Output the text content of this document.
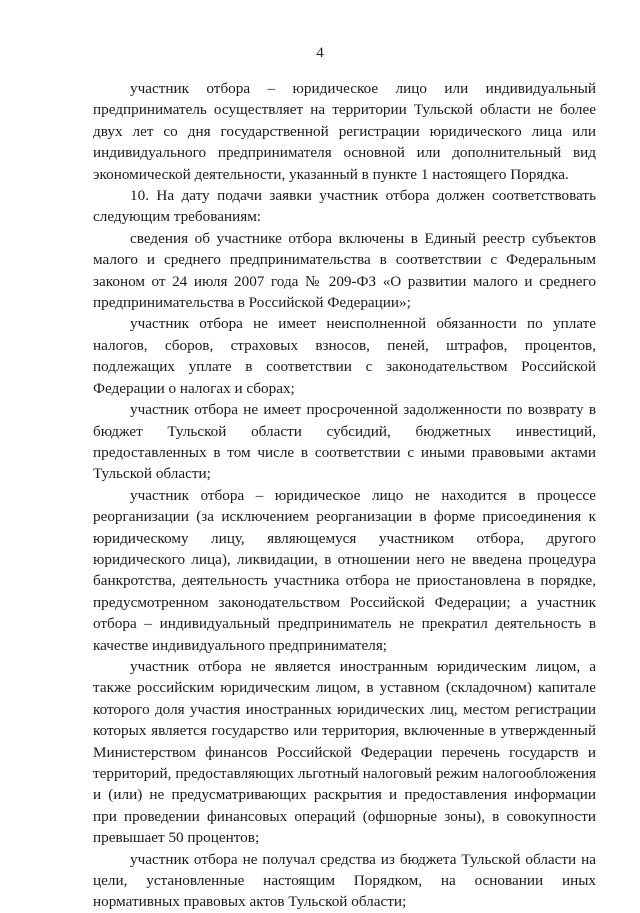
4

участник отбора – юридическое лицо или индивидуальный предприниматель осуществляет на территории Тульской области не более двух лет со дня государственной регистрации юридического лица или индивидуального предпринимателя основной или дополнительный вид экономической деятельности, указанный в пункте 1 настоящего Порядка.

10. На дату подачи заявки участник отбора должен соответствовать следующим требованиям:

сведения об участнике отбора включены в Единый реестр субъектов малого и среднего предпринимательства в соответствии с Федеральным законом от 24 июля 2007 года № 209-ФЗ «О развитии малого и среднего предпринимательства в Российской Федерации»;

участник отбора не имеет неисполненной обязанности по уплате налогов, сборов, страховых взносов, пеней, штрафов, процентов, подлежащих уплате в соответствии с законодательством Российской Федерации о налогах и сборах;

участник отбора не имеет просроченной задолженности по возврату в бюджет Тульской области субсидий, бюджетных инвестиций, предоставленных в том числе в соответствии с иными правовыми актами Тульской области;

участник отбора – юридическое лицо не находится в процессе реорганизации (за исключением реорганизации в форме присоединения к юридическому лицу, являющемуся участником отбора, другого юридического лица), ликвидации, в отношении него не введена процедура банкротства, деятельность участника отбора не приостановлена в порядке, предусмотренном законодательством Российской Федерации; а участник отбора – индивидуальный предприниматель не прекратил деятельность в качестве индивидуального предпринимателя;

участник отбора не является иностранным юридическим лицом, а также российским юридическим лицом, в уставном (складочном) капитале которого доля участия иностранных юридических лиц, местом регистрации которых является государство или территория, включенные в утвержденный Министерством финансов Российской Федерации перечень государств и территорий, предоставляющих льготный налоговый режим налогообложения и (или) не предусматривающих раскрытия и предоставления информации при проведении финансовых операций (офшорные зоны), в совокупности превышает 50 процентов;

участник отбора не получал средства из бюджета Тульской области на цели, установленные настоящим Порядком, на основании иных нормативных правовых актов Тульской области;
